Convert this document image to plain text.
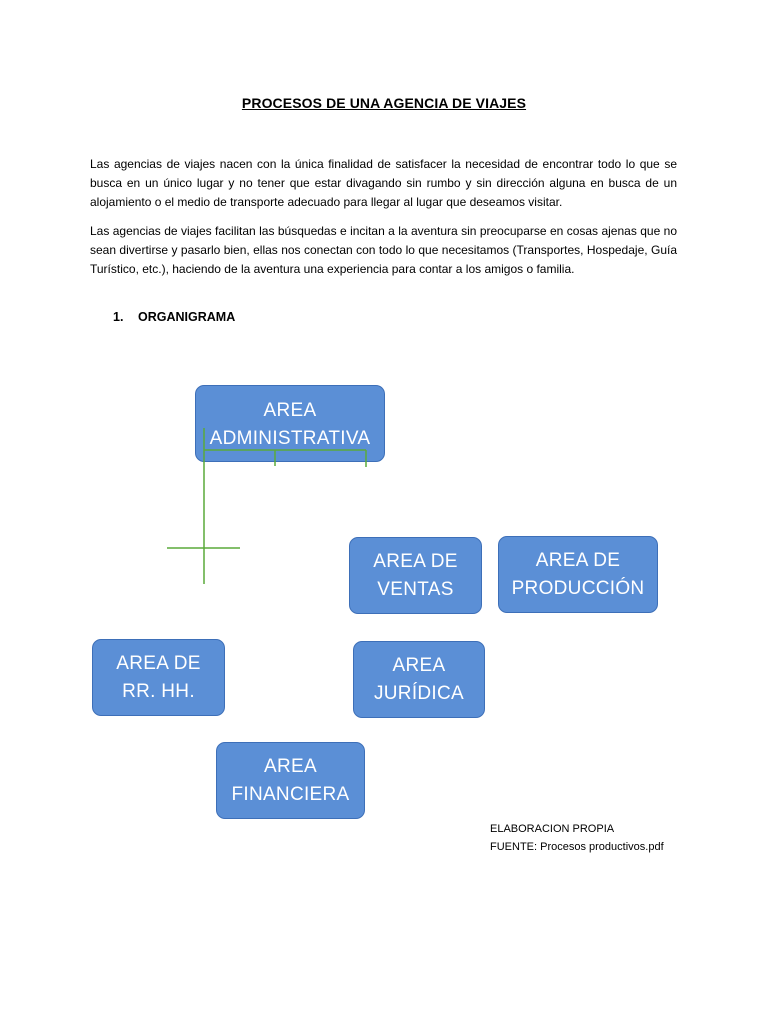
PROCESOS DE UNA AGENCIA DE VIAJES

Las agencias de viajes nacen con la única finalidad de satisfacer la necesidad de encontrar todo lo que se busca en un único lugar y no tener que estar divagando sin rumbo y sin dirección alguna en busca de un alojamiento o el medio de transporte adecuado para llegar al lugar que deseamos visitar.

Las agencias de viajes facilitan las búsquedas e incitan a la aventura sin preocuparse en cosas ajenas que no sean divertirse y pasarlo bien, ellas nos conectan con todo lo que necesitamos (Transportes, Hospedaje, Guía Turístico, etc.), haciendo de la aventura una experiencia para contar a los amigos o familia.

1. ORGANIGRAMA
AREA
ADMINISTRATIVA
AREA DE
VENTAS
AREA DE
PRODUCCIÓN
AREA DE
RR. HH.
AREA
JURÍDICA
AREA
FINANCIERA
ELABORACION PROPIA
FUENTE: Procesos productivos.pdf
